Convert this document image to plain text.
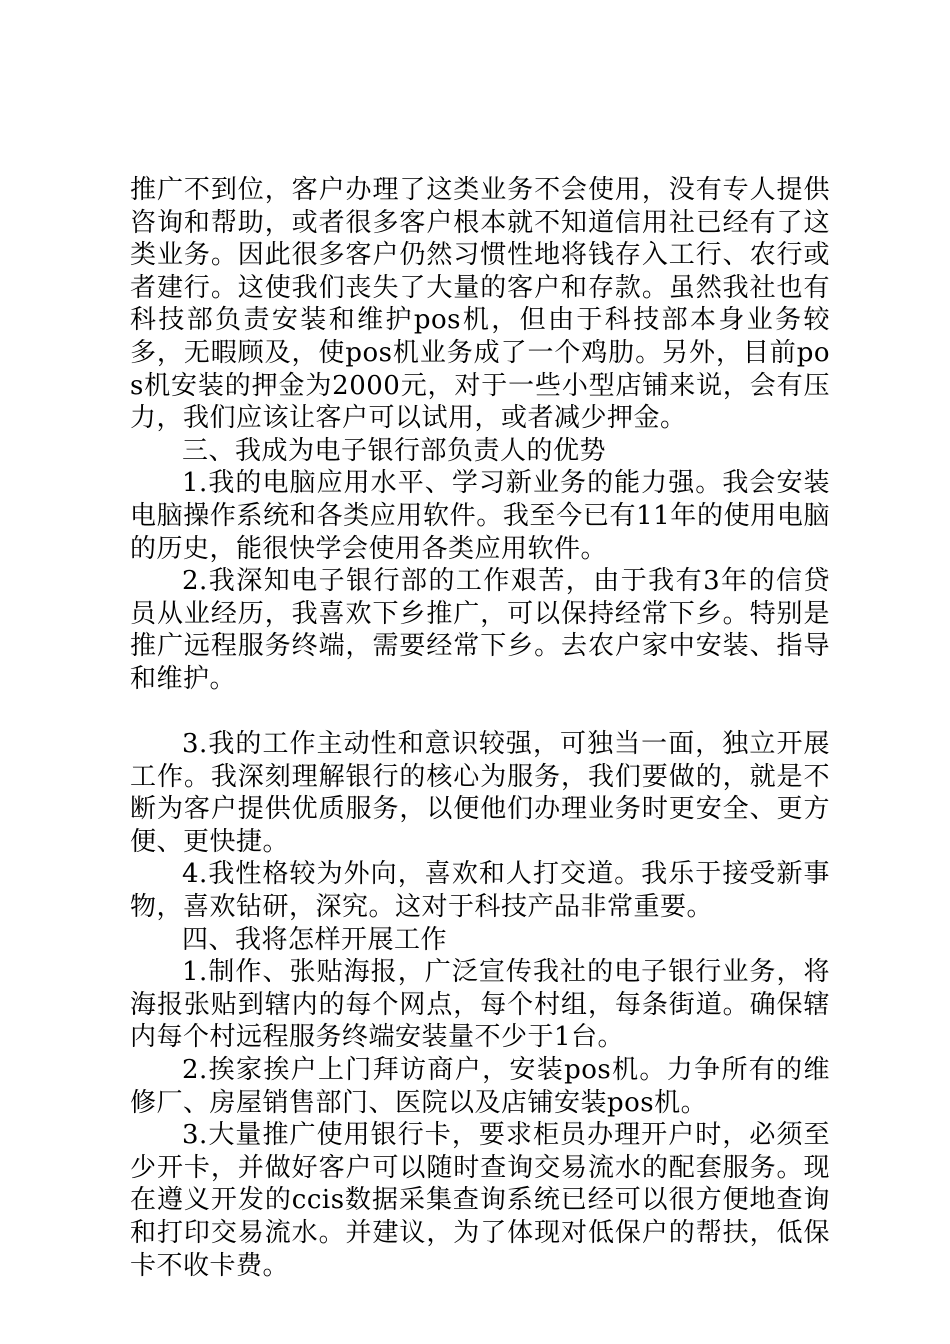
推广不到位，客户办理了这类业务不会使用，没有专人提供咨询和帮助，或者很多客户根本就不知道信用社已经有了这类业务。因此很多客户仍然习惯性地将钱存入工行、农行或者建行。这使我们丧失了大量的客户和存款。虽然我社也有科技部负责安装和维护pos机，但由于科技部本身业务较多，无暇顾及，使pos机业务成了一个鸡肋。另外，目前pos机安装的押金为2000元，对于一些小型店铺来说，会有压力，我们应该让客户可以试用，或者减少押金。

三、我成为电子银行部负责人的优势

1.我的电脑应用水平、学习新业务的能力强。我会安装电脑操作系统和各类应用软件。我至今已有11年的使用电脑的历史，能很快学会使用各类应用软件。

2.我深知电子银行部的工作艰苦，由于我有3年的信贷员从业经历，我喜欢下乡推广，可以保持经常下乡。特别是推广远程服务终端，需要经常下乡。去农户家中安装、指导和维护。

3.我的工作主动性和意识较强，可独当一面，独立开展工作。我深刻理解银行的核心为服务，我们要做的，就是不断为客户提供优质服务，以便他们办理业务时更安全、更方便、更快捷。

4.我性格较为外向，喜欢和人打交道。我乐于接受新事物，喜欢钻研，深究。这对于科技产品非常重要。

四、我将怎样开展工作

1.制作、张贴海报，广泛宣传我社的电子银行业务，将海报张贴到辖内的每个网点，每个村组，每条街道。确保辖内每个村远程服务终端安装量不少于1台。

2.挨家挨户上门拜访商户，安装pos机。力争所有的维修厂、房屋销售部门、医院以及店铺安装pos机。

3.大量推广使用银行卡，要求柜员办理开户时，必须至少开卡，并做好客户可以随时查询交易流水的配套服务。现在遵义开发的ccis数据采集查询系统已经可以很方便地查询和打印交易流水。并建议，为了体现对低保户的帮扶，低保卡不收卡费。
